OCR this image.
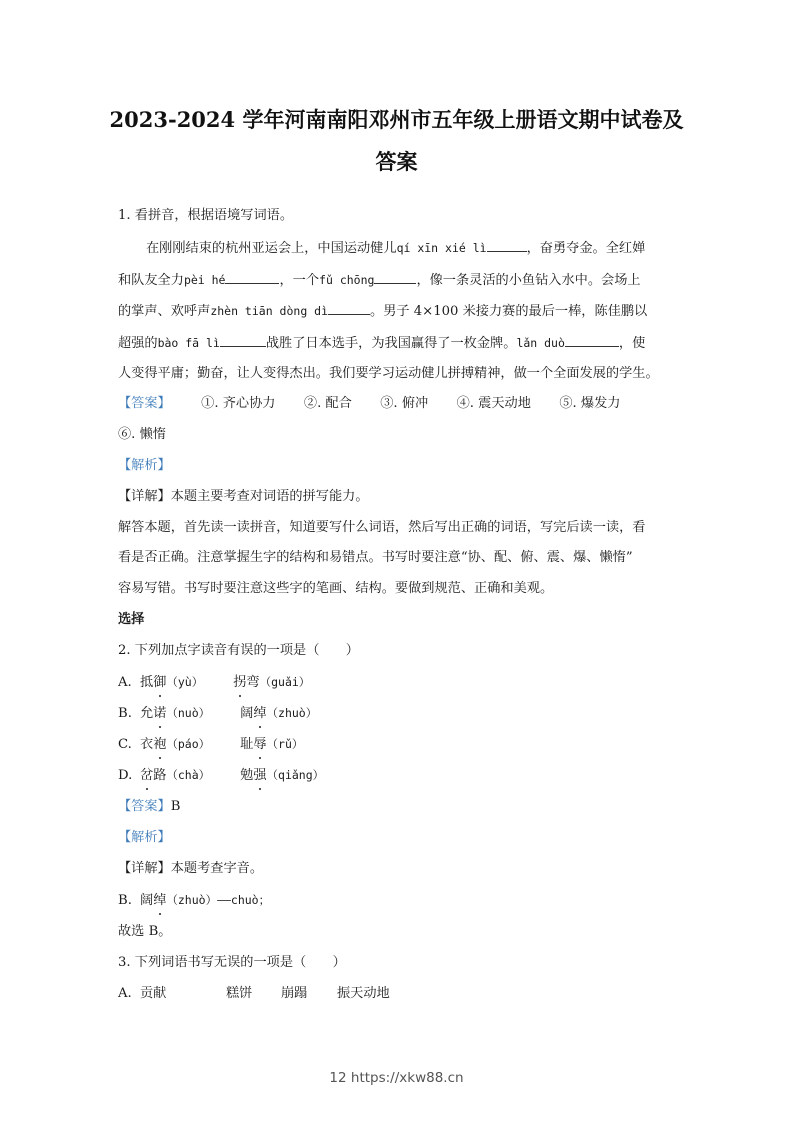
2023-2024 学年河南南阳邓州市五年级上册语文期中试卷及
答案
1. 看拼音，根据语境写词语。
在刚刚结束的杭州亚运会上，中国运动健儿qí xīn xié lì	，奋勇夺金。全红婵
和队友全力pèi hé	，一个fǔ chōng	，像一条灵活的小鱼钻入水中。会场上
的掌声、欢呼声zhèn tiān dòng dì	。男子 4×100 米接力赛的最后一棒，陈佳鹏以
超强的bào fā lì	战胜了日本选手，为我国赢得了一枚金牌。lǎn duò	，使
人变得平庸；勤奋，让人变得杰出。我们要学习运动健儿拼搏精神，做一个全面发展的学生。
【答案】 ①. 齐心协力 ②. 配合 ③. 俯冲 ④. 震天动地 ⑤. 爆发力
⑥. 懒惰
【解析】
【详解】本题主要考查对词语的拼写能力。
解答本题，首先读一读拼音，知道要写什么词语，然后写出正确的词语，写完后读一读，看
看是否正确。注意掌握生字的结构和易错点。书写时要注意“协、配、俯、震、爆、懒惰”
容易写错。书写时要注意这些字的笔画、结构。要做到规范、正确和美观。
选择
2. 下列加点字读音有误的一项是（　　）
A. 抵御（yù） 拐弯（guǎi）
B. 允诺（nuò） 阔绰（zhuò）
C. 衣袍（páo） 耻辱（rǔ）
D. 岔路（chà） 勉强（qiǎng）
【答案】B
【解析】
【详解】本题考查字音。
B. 阔绰（zhuò）——chuò；
故选 B。
3. 下列词语书写无误的一项是（　　）
A. 贡献	糕饼 崩蹋 振天动地
12 https://xkw88.cn
